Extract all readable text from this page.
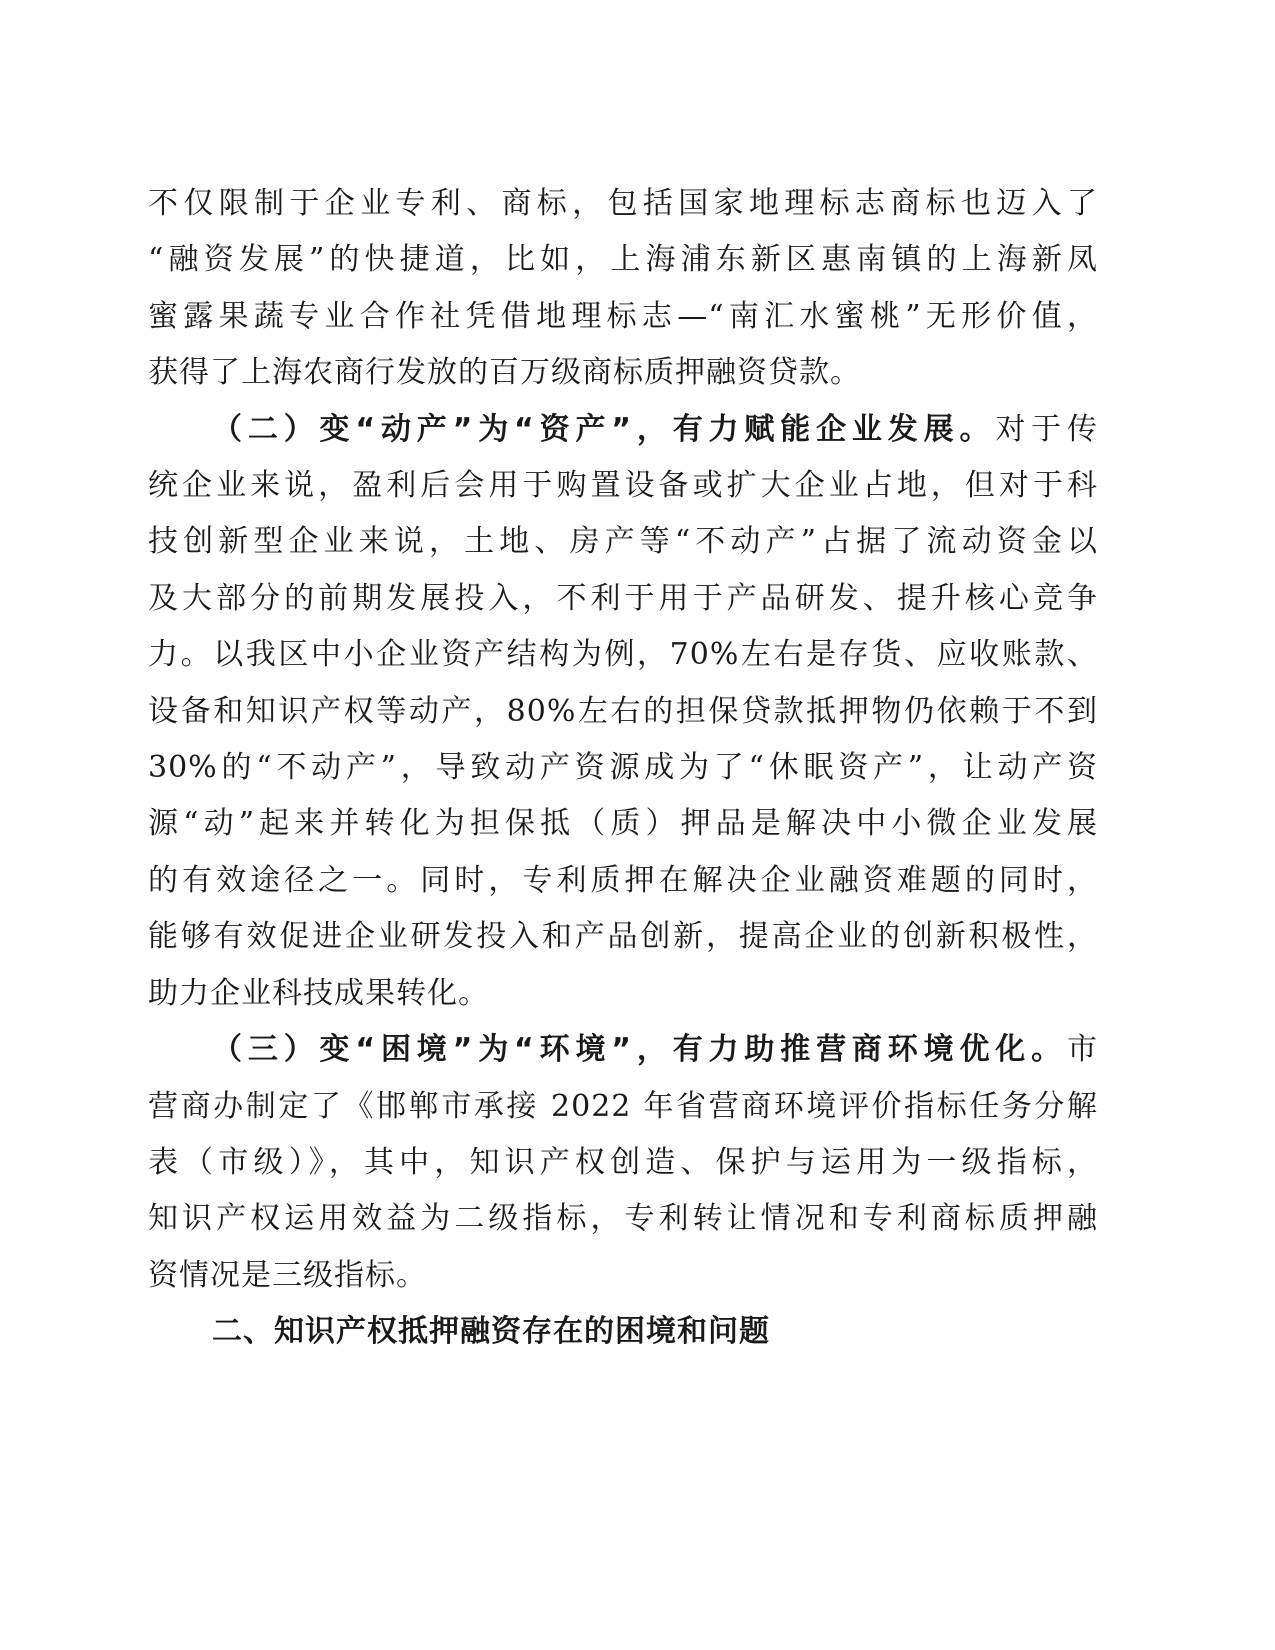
不仅限制于企业专利、商标，包括国家地理标志商标也迈入了
“融资发展”的快捷道，比如，上海浦东新区惠南镇的上海新凤
蜜露果蔬专业合作社凭借地理标志—“南汇水蜜桃”无形价值，
获得了上海农商行发放的百万级商标质押融资贷款。

（二）变“动产”为“资产”，有力赋能企业发展。对于传
统企业来说，盈利后会用于购置设备或扩大企业占地，但对于科
技创新型企业来说，土地、房产等“不动产”占据了流动资金以
及大部分的前期发展投入，不利于用于产品研发、提升核心竞争
力。以我区中小企业资产结构为例，70%左右是存货、应收账款、
设备和知识产权等动产，80%左右的担保贷款抵押物仍依赖于不到
30%的“不动产”，导致动产资源成为了“休眠资产”，让动产资
源“动”起来并转化为担保抵（质）押品是解决中小微企业发展
的有效途径之一。同时，专利质押在解决企业融资难题的同时，
能够有效促进企业研发投入和产品创新，提高企业的创新积极性，
助力企业科技成果转化。

（三）变“困境”为“环境”，有力助推营商环境优化。市
营商办制定了《邯郸市承接 2022 年省营商环境评价指标任务分解
表（市级）》，其中，知识产权创造、保护与运用为一级指标，
知识产权运用效益为二级指标，专利转让情况和专利商标质押融
资情况是三级指标。

二、知识产权抵押融资存在的困境和问题
